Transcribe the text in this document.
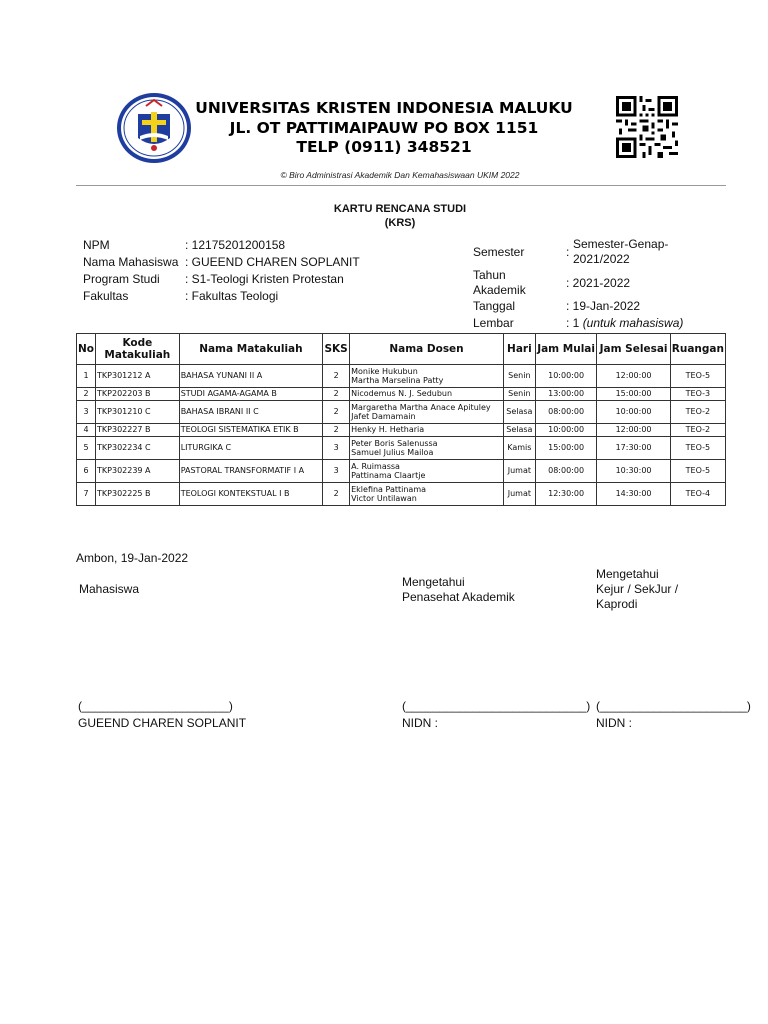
UNIVERSITAS KRISTEN INDONESIA MALUKU
JL. OT PATTIMAIPAUW PO BOX 1151
TELP (0911) 348521
© Biro Administrasi Akademik Dan Kemahasiswaan UKIM 2022
KARTU RENCANA STUDI
(KRS)
NPM	: 12175201200158
Nama Mahasiswa : GUEEND CHAREN SOPLANIT
Program Studi : S1-Teologi Kristen Protestan
Fakultas	: Fakultas Teologi
Semester	:
Semester-Genap-
2021/2022
Tahun
Akademik	: 2021-2022
Tanggal	: 19-Jan-2022
Lembar	: 1 (untuk mahasiswa)
No	Kode Matakuliah	Nama Matakuliah	SKS	Nama Dosen	Hari	Jam Mulai	Jam Selesai	Ruangan
1	TKP301212 A	BAHASA YUNANI II A	2	Monike Hukubun
Martha Marselina Patty	Senin	10:00:00	12:00:00	TEO-5
2	TKP202203 B	STUDI AGAMA-AGAMA B	2	Nicodemus N. J. Sedubun	Senin	13:00:00	15:00:00	TEO-3
3	TKP301210 C	BAHASA IBRANI II C	2	Margaretha Martha Anace Apituley
Jafet Damamain	Selasa	08:00:00	10:00:00	TEO-2
4	TKP302227 B	TEOLOGI SISTEMATIKA ETIK B	2	Henky H. Hetharia	Selasa	10:00:00	12:00:00	TEO-2
5	TKP302234 C	LITURGIKA C	3	Peter Boris Salenussa
Samuel Julius Mailoa	Kamis	15:00:00	17:30:00	TEO-5
6	TKP302239 A	PASTORAL TRANSFORMATIF I A	3	A. Ruimassa
Pattinama Claartje	Jumat	08:00:00	10:30:00	TEO-5
7	TKP302225 B	TEOLOGI KONTEKSTUAL I B	2	Eklefina Pattinama
Victor Untilawan	Jumat	12:30:00	14:30:00	TEO-4
Ambon, 19-Jan-2022
Mahasiswa	Mengetahui
Penasehat Akademik
Mengetahui
Kejur / SekJur /
Kaprodi
(______________________)	(___________________________) (______________________)
GUEEND CHAREN SOPLANIT	NIDN :	NIDN :
